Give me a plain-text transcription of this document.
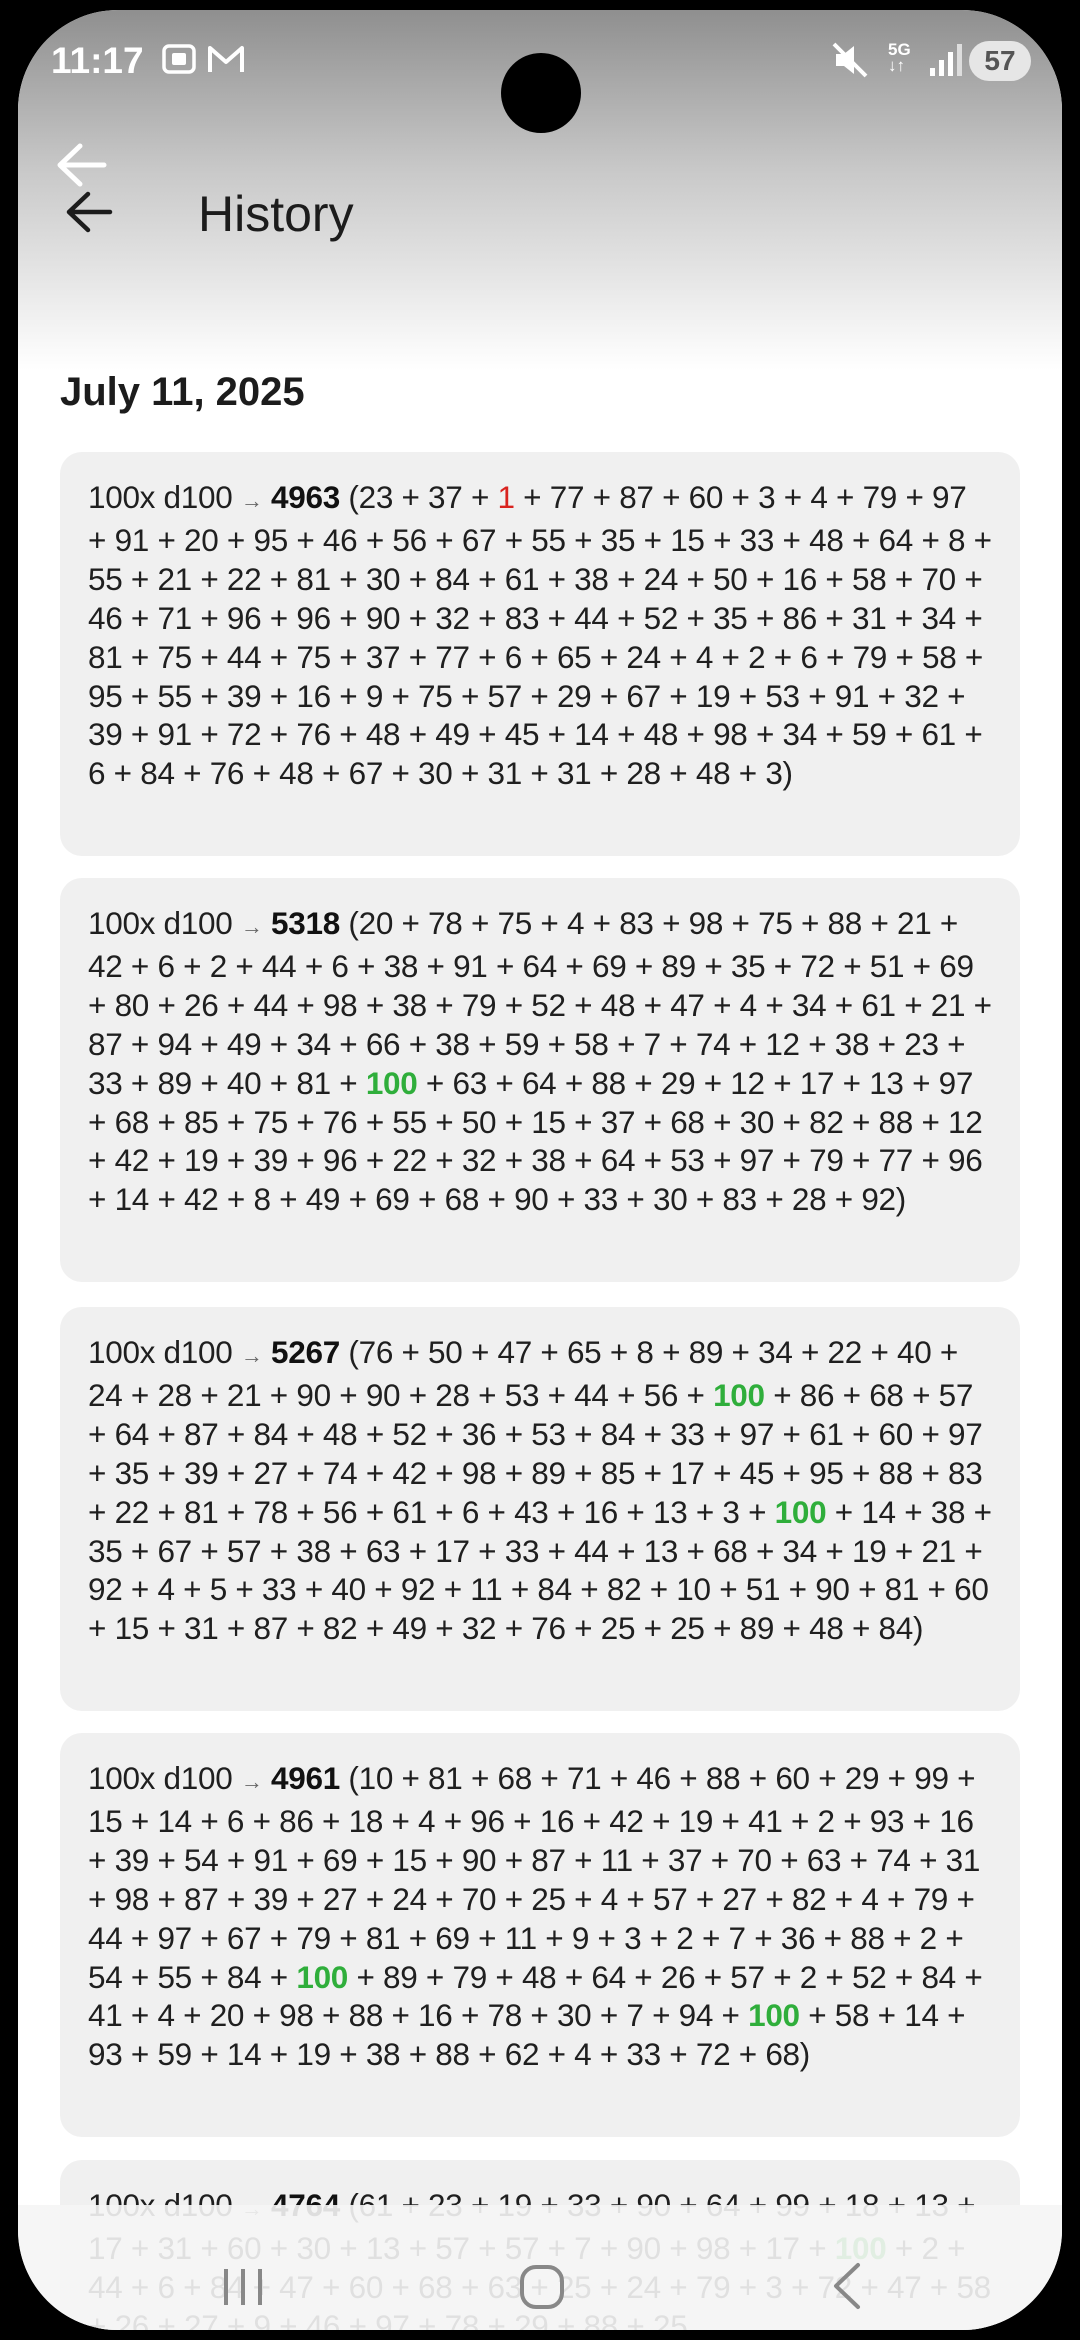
11:17	5G
↓↑	57
History
July 11, 2025

100x d100 → 4963 (23 + 37 + 1 + 77 + 87 + 60 + 3 + 4 + 79 + 97 + 91 + 20 + 95 + 46 + 56 + 67 + 55 + 35 + 15 + 33 + 48 + 64 + 8 + 55 + 21 + 22 + 81 + 30 + 84 + 61 + 38 + 24 + 50 + 16 + 58 + 70 + 46 + 71 + 96 + 96 + 90 + 32 + 83 + 44 + 52 + 35 + 86 + 31 + 34 + 81 + 75 + 44 + 75 + 37 + 77 + 6 + 65 + 24 + 4 + 2 + 6 + 79 + 58 + 95 + 55 + 39 + 16 + 9 + 75 + 57 + 29 + 67 + 19 + 53 + 91 + 32 + 39 + 91 + 72 + 76 + 48 + 49 + 45 + 14 + 48 + 98 + 34 + 59 + 61 + 6 + 84 + 76 + 48 + 67 + 30 + 31 + 31 + 28 + 48 + 3)

100x d100 → 5318 (20 + 78 + 75 + 4 + 83 + 98 + 75 + 88 + 21 + 42 + 6 + 2 + 44 + 6 + 38 + 91 + 64 + 69 + 89 + 35 + 72 + 51 + 69 + 80 + 26 + 44 + 98 + 38 + 79 + 52 + 48 + 47 + 4 + 34 + 61 + 21 + 87 + 94 + 49 + 34 + 66 + 38 + 59 + 58 + 7 + 74 + 12 + 38 + 23 + 33 + 89 + 40 + 81 + 100 + 63 + 64 + 88 + 29 + 12 + 17 + 13 + 97 + 68 + 85 + 75 + 76 + 55 + 50 + 15 + 37 + 68 + 30 + 82 + 88 + 12 + 42 + 19 + 39 + 96 + 22 + 32 + 38 + 64 + 53 + 97 + 79 + 77 + 96 + 14 + 42 + 8 + 49 + 69 + 68 + 90 + 33 + 30 + 83 + 28 + 92)

100x d100 → 5267 (76 + 50 + 47 + 65 + 8 + 89 + 34 + 22 + 40 + 24 + 28 + 21 + 90 + 90 + 28 + 53 + 44 + 56 + 100 + 86 + 68 + 57 + 64 + 87 + 84 + 48 + 52 + 36 + 53 + 84 + 33 + 97 + 61 + 60 + 97 + 35 + 39 + 27 + 74 + 42 + 98 + 89 + 85 + 17 + 45 + 95 + 88 + 83 + 22 + 81 + 78 + 56 + 61 + 6 + 43 + 16 + 13 + 3 + 100 + 14 + 38 + 35 + 67 + 57 + 38 + 63 + 17 + 33 + 44 + 13 + 68 + 34 + 19 + 21 + 92 + 4 + 5 + 33 + 40 + 92 + 11 + 84 + 82 + 10 + 51 + 90 + 81 + 60 + 15 + 31 + 87 + 82 + 49 + 32 + 76 + 25 + 25 + 89 + 48 + 84)

100x d100 → 4961 (10 + 81 + 68 + 71 + 46 + 88 + 60 + 29 + 99 + 15 + 14 + 6 + 86 + 18 + 4 + 96 + 16 + 42 + 19 + 41 + 2 + 93 + 16 + 39 + 54 + 91 + 69 + 15 + 90 + 87 + 11 + 37 + 70 + 63 + 74 + 31 + 98 + 87 + 39 + 27 + 24 + 70 + 25 + 4 + 57 + 27 + 82 + 4 + 79 + 44 + 97 + 67 + 79 + 81 + 69 + 11 + 9 + 3 + 2 + 7 + 36 + 88 + 2 + 54 + 55 + 84 + 100 + 89 + 79 + 48 + 64 + 26 + 57 + 2 + 52 + 84 + 41 + 4 + 20 + 98 + 88 + 16 + 78 + 30 + 7 + 94 + 100 + 58 + 14 + 93 + 59 + 14 + 19 + 38 + 88 + 62 + 4 + 33 + 72 + 68)
